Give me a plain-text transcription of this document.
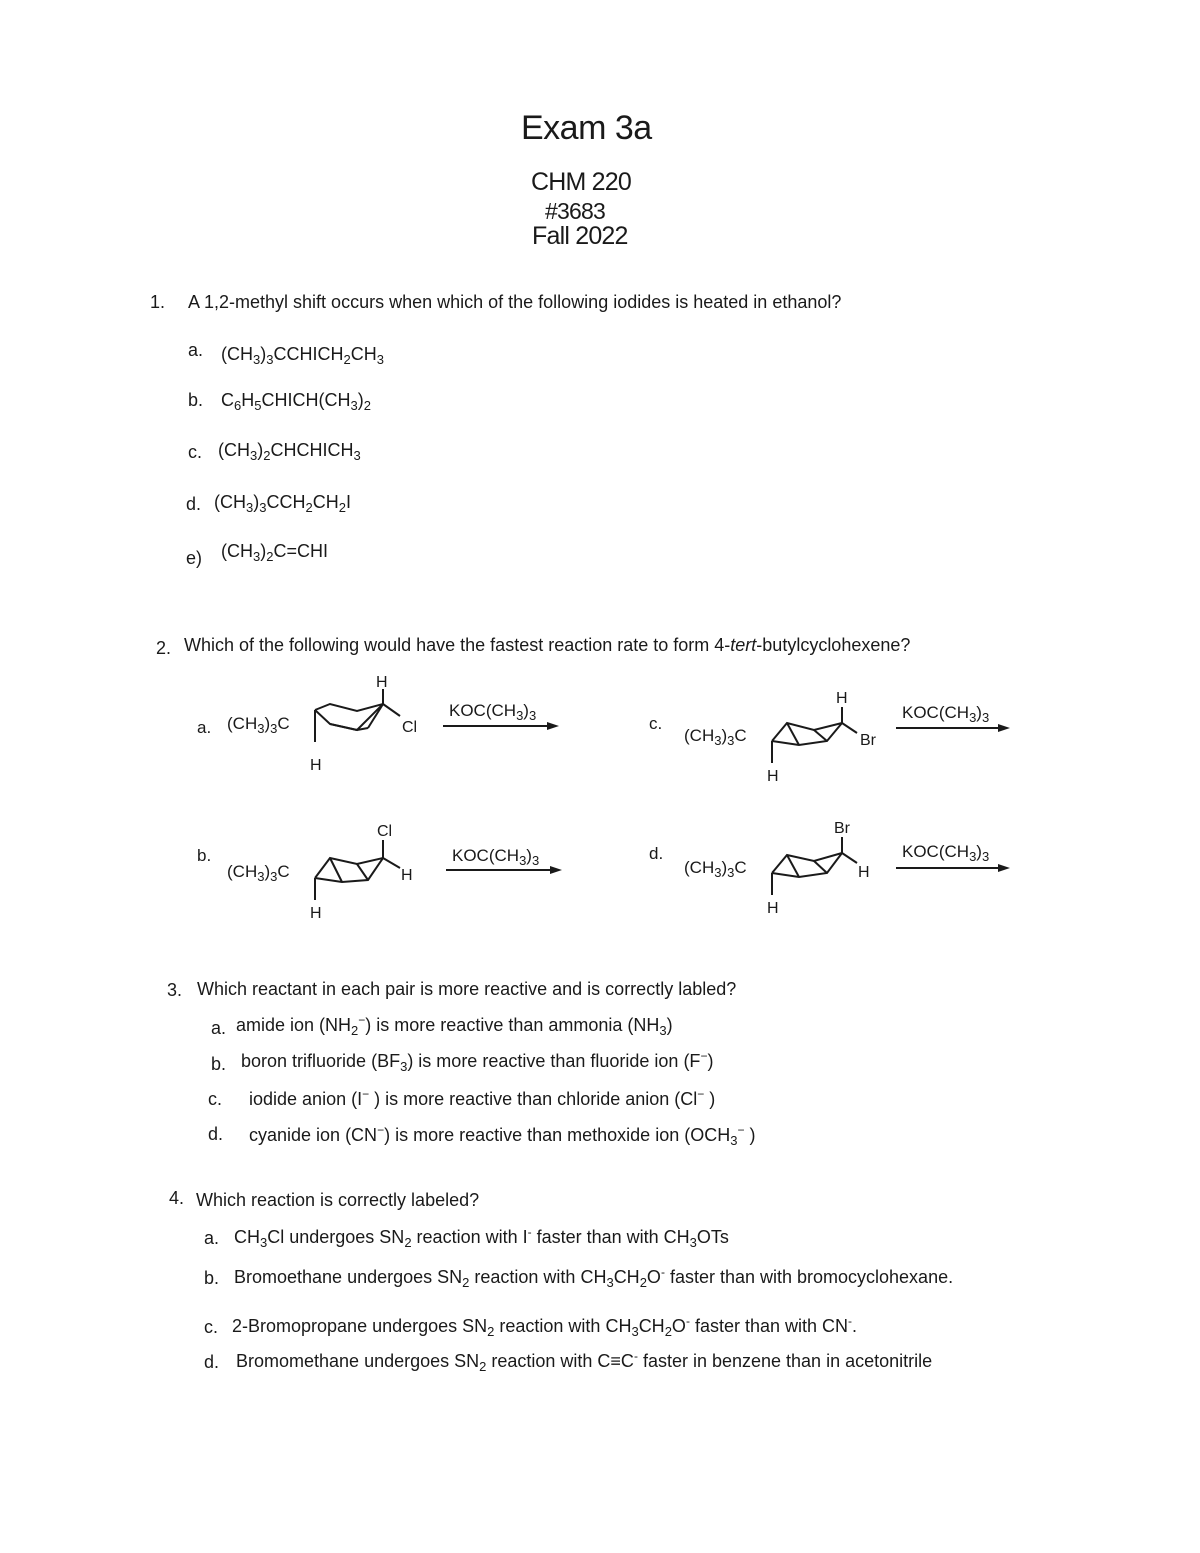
Exam 3a
CHM 220
#3683
Fall 2022
1. A 1,2-methyl shift occurs when which of the following iodides is heated in ethanol?
a. $(CH_3)_3CCHICH_2CH_3$
b. $C_6H_5CHICH(CH_3)_2$
c. $(CH_3)_2CHCHICH_3$
d. $(CH_3)_3CCH_2CH_2I$
e) $(CH_3)_2C=CHI$
2. Which of the following would have the fastest reaction rate to form 4-tert-butylcyclohexene?
a. $(CH_3)_3C$
H
Cl
H
$KOC(CH_3)_3$
b.
$(CH_3)_3C$
Cl
H
H
$KOC(CH_3)_3$
c.
$(CH_3)_3C$
H
Br
H
$KOC(CH_3)_3$
d.
$(CH_3)_3C$
Br
H
H
$KOC(CH_3)_3$
3. Which reactant in each pair is more reactive and is correctly labled?
a. amide ion $(NH_2^-)$ is more reactive than ammonia $(NH_3)$
b. boron trifluoride $(BF_3)$ is more reactive than fluoride ion (F−)
c. iodide anion (I− ) is more reactive than chloride anion (Cl− )
d. cyanide ion (CN−) is more reactive than methoxide ion ($OCH_3^-$ )
4. Which reaction is correctly labeled?
a. $CH_3Cl$ undergoes $SN_2$ reaction with I- faster than with $CH_3OTs$
b. Bromoethane undergoes $SN_2$ reaction with $CH_3CH_2O^-$ faster than with bromocyclohexane.
c. 2-Bromopropane undergoes $SN_2$ reaction with $CH_3CH_2O^-$ faster than with CN-.
d. Bromomethane undergoes $SN_2$ reaction with C≡C- faster in benzene than in acetonitrile
